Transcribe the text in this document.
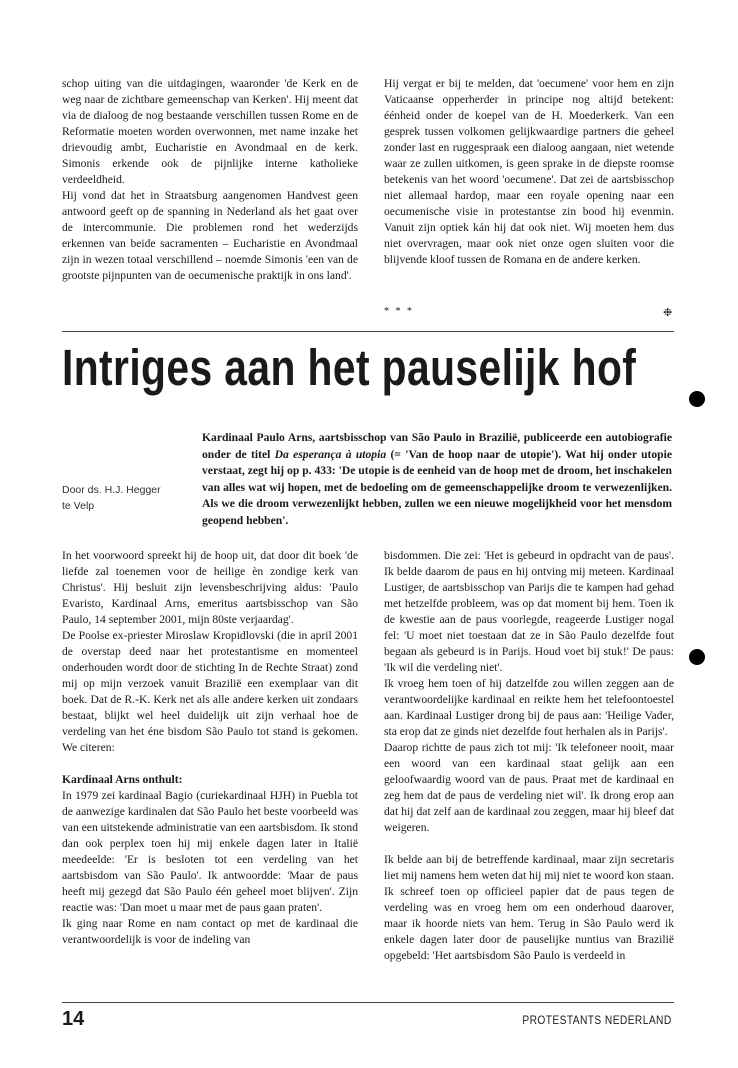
schop uiting van die uitdagingen, waaronder 'de Kerk en de weg naar de zichtbare gemeenschap van Kerken'. Hij meent dat via de dialoog de nog bestaande verschillen tussen Rome en de Reformatie moeten worden overwonnen, met name inzake het drievoudig ambt, Eucharistie en Avondmaal en de kerk. Simonis erkende ook de pijnlijke interne katholieke verdeeldheid.

Hij vond dat het in Straatsburg aangenomen Handvest geen antwoord geeft op de spanning in Nederland als het gaat over de intercommunie. Die problemen rond het wederzijds erkennen van beide sacramenten – Eucharistie en Avondmaal zijn in wezen totaal verschillend – noemde Simonis 'een van de grootste pijnpunten van de oecumenische praktijk in ons land'.

Hij vergat er bij te melden, dat 'oecumene' voor hem en zijn Vaticaanse opperherder in principe nog altijd betekent: éénheid onder de koepel van de H. Moederkerk. Van een gesprek tussen volkomen gelijkwaardige partners die geheel zonder last en ruggespraak een dialoog aangaan, niet wetende waar ze zullen uitkomen, is geen sprake in de diepste roomse betekenis van het woord 'oecumene'. Dat zei de aartsbisschop niet allemaal hardop, maar een royale opening naar een oecumenische visie in protestantse zin bood hij evenmin. Vanuit zijn optiek kán hij dat ook niet. Wij moeten hem dus niet overvragen, maar ook niet onze ogen sluiten voor die blijvende kloof tussen de Romana en de andere kerken.

* * *	❉
Intriges aan het pauselijk hof
Kardinaal Paulo Arns, aartsbisschop van São Paulo in Brazilië, publiceerde een autobiografie onder de titel Da esperança à utopia (= 'Van de hoop naar de utopie'). Wat hij onder utopie verstaat, zegt hij op p. 433: 'De utopie is de eenheid van de hoop met de droom, het inschakelen van alles wat wij hopen, met de bedoeling om de gemeenschappelijke droom te verwezenlijken. Als we die droom verwezenlijkt hebben, zullen we een nieuwe mogelijkheid voor het mensdom geopend hebben'.
Door ds. H.J. Hegger
te Velp

In het voorwoord spreekt hij de hoop uit, dat door dit boek 'de liefde zal toenemen voor de heilige èn zondige kerk van Christus'. Hij besluit zijn levensbeschrijving aldus: 'Paulo Evaristo, Kardinaal Arns, emeritus aartsbisschop van São Paulo, 14 september 2001, mijn 80ste verjaardag'.

De Poolse ex-priester Miroslaw Kropidlovski (die in april 2001 de overstap deed naar het protestantisme en momenteel onderhouden wordt door de stichting In de Rechte Straat) zond mij op mijn verzoek vanuit Brazilië een exemplaar van dit boek. Dat de R.-K. Kerk net als alle andere kerken uit zondaars bestaat, blijkt wel heel duidelijk uit zijn verhaal hoe de verdeling van het éne bisdom São Paulo tot stand is gekomen. We citeren:

Kardinaal Arns onthult:

In 1979 zei kardinaal Bagio (curiekardinaal HJH) in Puebla tot de aanwezige kardinalen dat São Paulo het beste voorbeeld was van een uitstekende administratie van een aartsbisdom. Ik stond dan ook perplex toen hij mij enkele dagen later in Italië meedeelde: 'Er is besloten tot een verdeling van het aartsbisdom van São Paulo'. Ik antwoordde: 'Maar de paus heeft mij gezegd dat São Paulo één geheel moet blijven'. Zijn reactie was: 'Dan moet u maar met de paus gaan praten'.

Ik ging naar Rome en nam contact op met de kardinaal die verantwoordelijk is voor de indeling van

bisdommen. Die zei: 'Het is gebeurd in opdracht van de paus'. Ik belde daarom de paus en hij ontving mij meteen. Kardinaal Lustiger, de aartsbisschop van Parijs die te kampen had gehad met hetzelfde probleem, was op dat moment bij hem. Toen ik de kwestie aan de paus voorlegde, reageerde Lustiger nogal fel: 'U moet niet toestaan dat ze in São Paulo dezelfde fout begaan als gebeurd is in Parijs. Houd voet bij stuk!' De paus: 'Ik wil die verdeling niet'.

Ik vroeg hem toen of hij datzelfde zou willen zeggen aan de verantwoordelijke kardinaal en reikte hem het telefoontoestel aan. Kardinaal Lustiger drong bij de paus aan: 'Heilige Vader, sta erop dat ze ginds niet dezelfde fout herhalen als in Parijs'.

Daarop richtte de paus zich tot mij: 'Ik telefoneer nooit, maar een woord van een kardinaal staat gelijk aan een geloofwaardig woord van de paus. Praat met de kardinaal en zeg hem dat de paus de verdeling niet wil'. Ik drong erop aan dat hij dat zelf aan de kardinaal zou zeggen, maar hij bleef dat weigeren.

Ik belde aan bij de betreffende kardinaal, maar zijn secretaris liet mij namens hem weten dat hij mij niet te woord kon staan. Ik schreef toen op officieel papier dat de paus tegen de verdeling was en vroeg hem om een onderhoud daarover, maar ik hoorde niets van hem. Terug in São Paulo werd ik enkele dagen later door de pauselijke nuntius van Brazilië opgebeld: 'Het aartsbisdom São Paulo is verdeeld in

14	PROTESTANTS NEDERLAND
